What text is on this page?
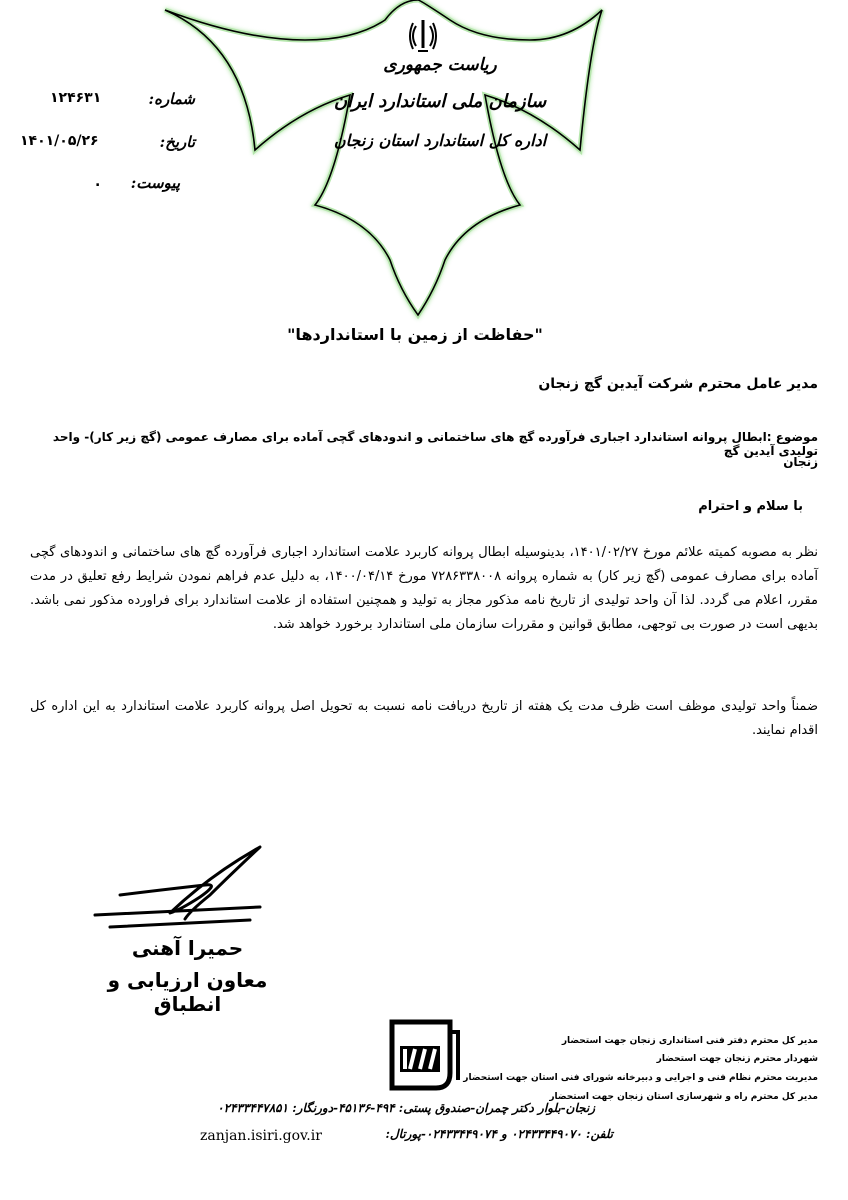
ریاست جمهوری
سازمان ملی استاندارد ایران
اداره کل استاندارد استان زنجان
شماره:
۱۲۴۶۳۱
تاریخ:
۱۴۰۱/۰۵/۲۶
پیوست:
.
"حفاظت از زمین با استانداردها"
مدیر عامل محترم شرکت آیدین گچ زنجان
موضوع :ابطال پروانه استاندارد اجباری فرآورده گچ های ساختمانی و اندودهای گچی آماده برای مصارف عمومی (گچ زیر کار)- واحد تولیدی آیدین گچ
زنجان
با سلام و احترام
نظر به مصوبه کمیته علائم مورخ ۱۴۰۱/۰۲/۲۷، بدینوسیله ابطال پروانه کاربرد علامت استاندارد اجباری فرآورده گچ های ساختمانی و اندودهای گچی آماده برای مصارف عمومی (گچ زیر کار) به شماره پروانه ۷۲۸۶۳۳۸۰۰۸ مورخ ۱۴۰۰/۰۴/۱۴، به دلیل عدم فراهم نمودن شرایط رفع تعلیق در مدت مقرر، اعلام می گردد. لذا آن واحد تولیدی از تاریخ نامه مذکور مجاز به تولید و همچنین استفاده از علامت استاندارد برای فراورده مذکور نمی باشد. بدیهی است در صورت بی توجهی، مطابق قوانین و مقررات سازمان ملی استاندارد برخورد خواهد شد.
ضمناً واحد تولیدی موظف است ظرف مدت یک هفته از تاریخ دریافت نامه نسبت به تحویل اصل پروانه کاربرد علامت استاندارد به این اداره کل اقدام نمایند.
حمیرا آهنی
معاون ارزیابی و انطباق
مدیر کل محترم دفتر فنی استانداری زنجان جهت استحضار
شهردار محترم زنجان جهت استحضار
مدیریت محترم نظام فنی و اجرایی و دبیرخانه شورای فنی استان جهت استحضار
مدیر کل محترم راه و شهرسازی استان زنجان جهت استحضار
زنجان-بلوار دکتر چمران-صندوق پستی: ۴۹۴-۴۵۱۳۶-دورنگار: ۰۲۴۳۳۴۴۷۸۵۱
تلفن: ۰۲۴۳۳۴۴۹۰۷۰ و ۰۲۴۳۳۴۴۹۰۷۴-پورتال:
zanjan.isiri.gov.ir
